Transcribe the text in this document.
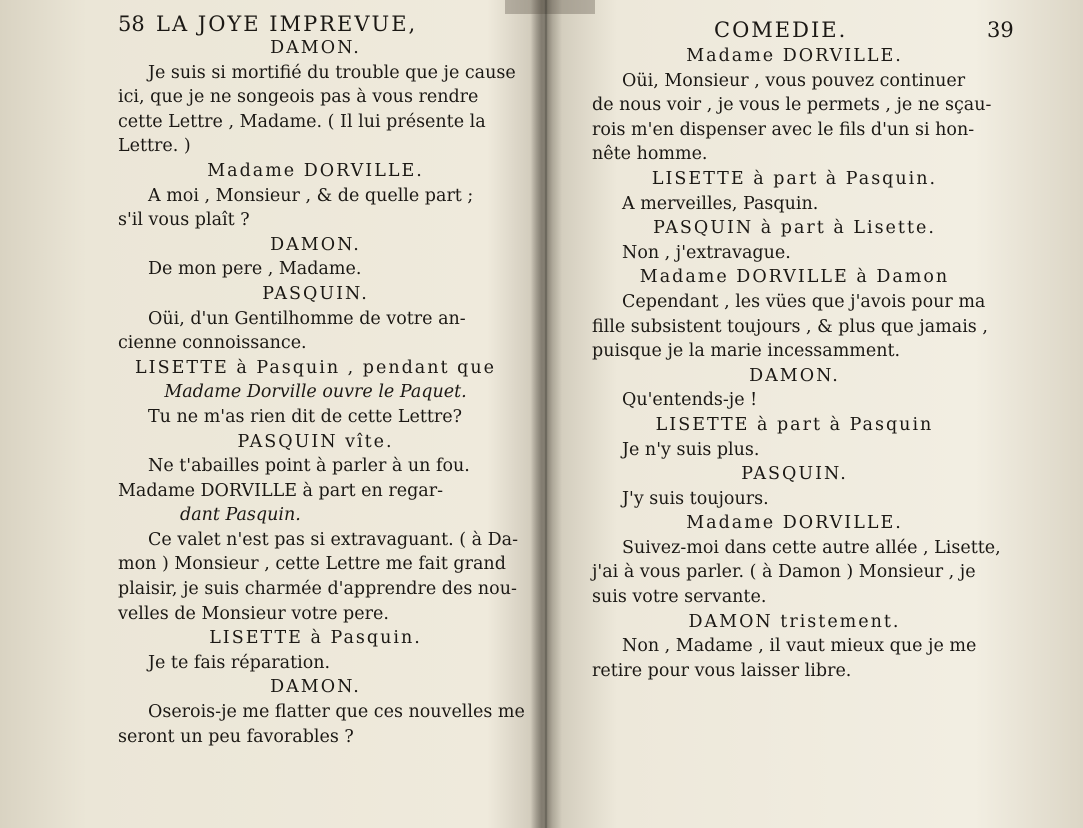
58 LA JOYE IMPREVUE,
DAMON.
Je suis si mortifié du trouble que je cause
ici, que je ne songeois pas à vous rendre
cette Lettre , Madame. ( Il lui présente la
Lettre. )
Madame DORVILLE.
A moi , Monsieur , & de quelle part ;
s'il vous plaît ?
DAMON.
De mon pere , Madame.
PASQUIN.
Oüi, d'un Gentilhomme de votre an-
cienne connoissance.
LISETTE à Pasquin , pendant que
Madame Dorville ouvre le Paquet.
Tu ne m'as rien dit de cette Lettre?
PASQUIN vîte.
Ne t'abailles point à parler à un fou.
Madame DORVILLE à part en regar-
dant Pasquin.
Ce valet n'est pas si extravaguant. ( à Da-
mon ) Monsieur , cette Lettre me fait grand
plaisir, je suis charmée d'apprendre des nou-
velles de Monsieur votre pere.
LISETTE à Pasquin.
Je te fais réparation.
DAMON.
Oserois-je me flatter que ces nouvelles me
seront un peu favorables ?
COMEDIE.	39
Madame DORVILLE.
Oüi, Monsieur , vous pouvez continuer
de nous voir , je vous le permets , je ne sçau-
rois m'en dispenser avec le fils d'un si hon-
nête homme.
LISETTE à part à Pasquin.
A merveilles, Pasquin.
PASQUIN à part à Lisette.
Non , j'extravague.
Madame DORVILLE à Damon
Cependant , les vües que j'avois pour ma
fille subsistent toujours , & plus que jamais ,
puisque je la marie incessamment.
DAMON.
Qu'entends-je !
LISETTE à part à Pasquin
Je n'y suis plus.
PASQUIN.
J'y suis toujours.
Madame DORVILLE.
Suivez-moi dans cette autre allée , Lisette,
j'ai à vous parler. ( à Damon ) Monsieur , je
suis votre servante.
DAMON tristement.
Non , Madame , il vaut mieux que je me
retire pour vous laisser libre.
